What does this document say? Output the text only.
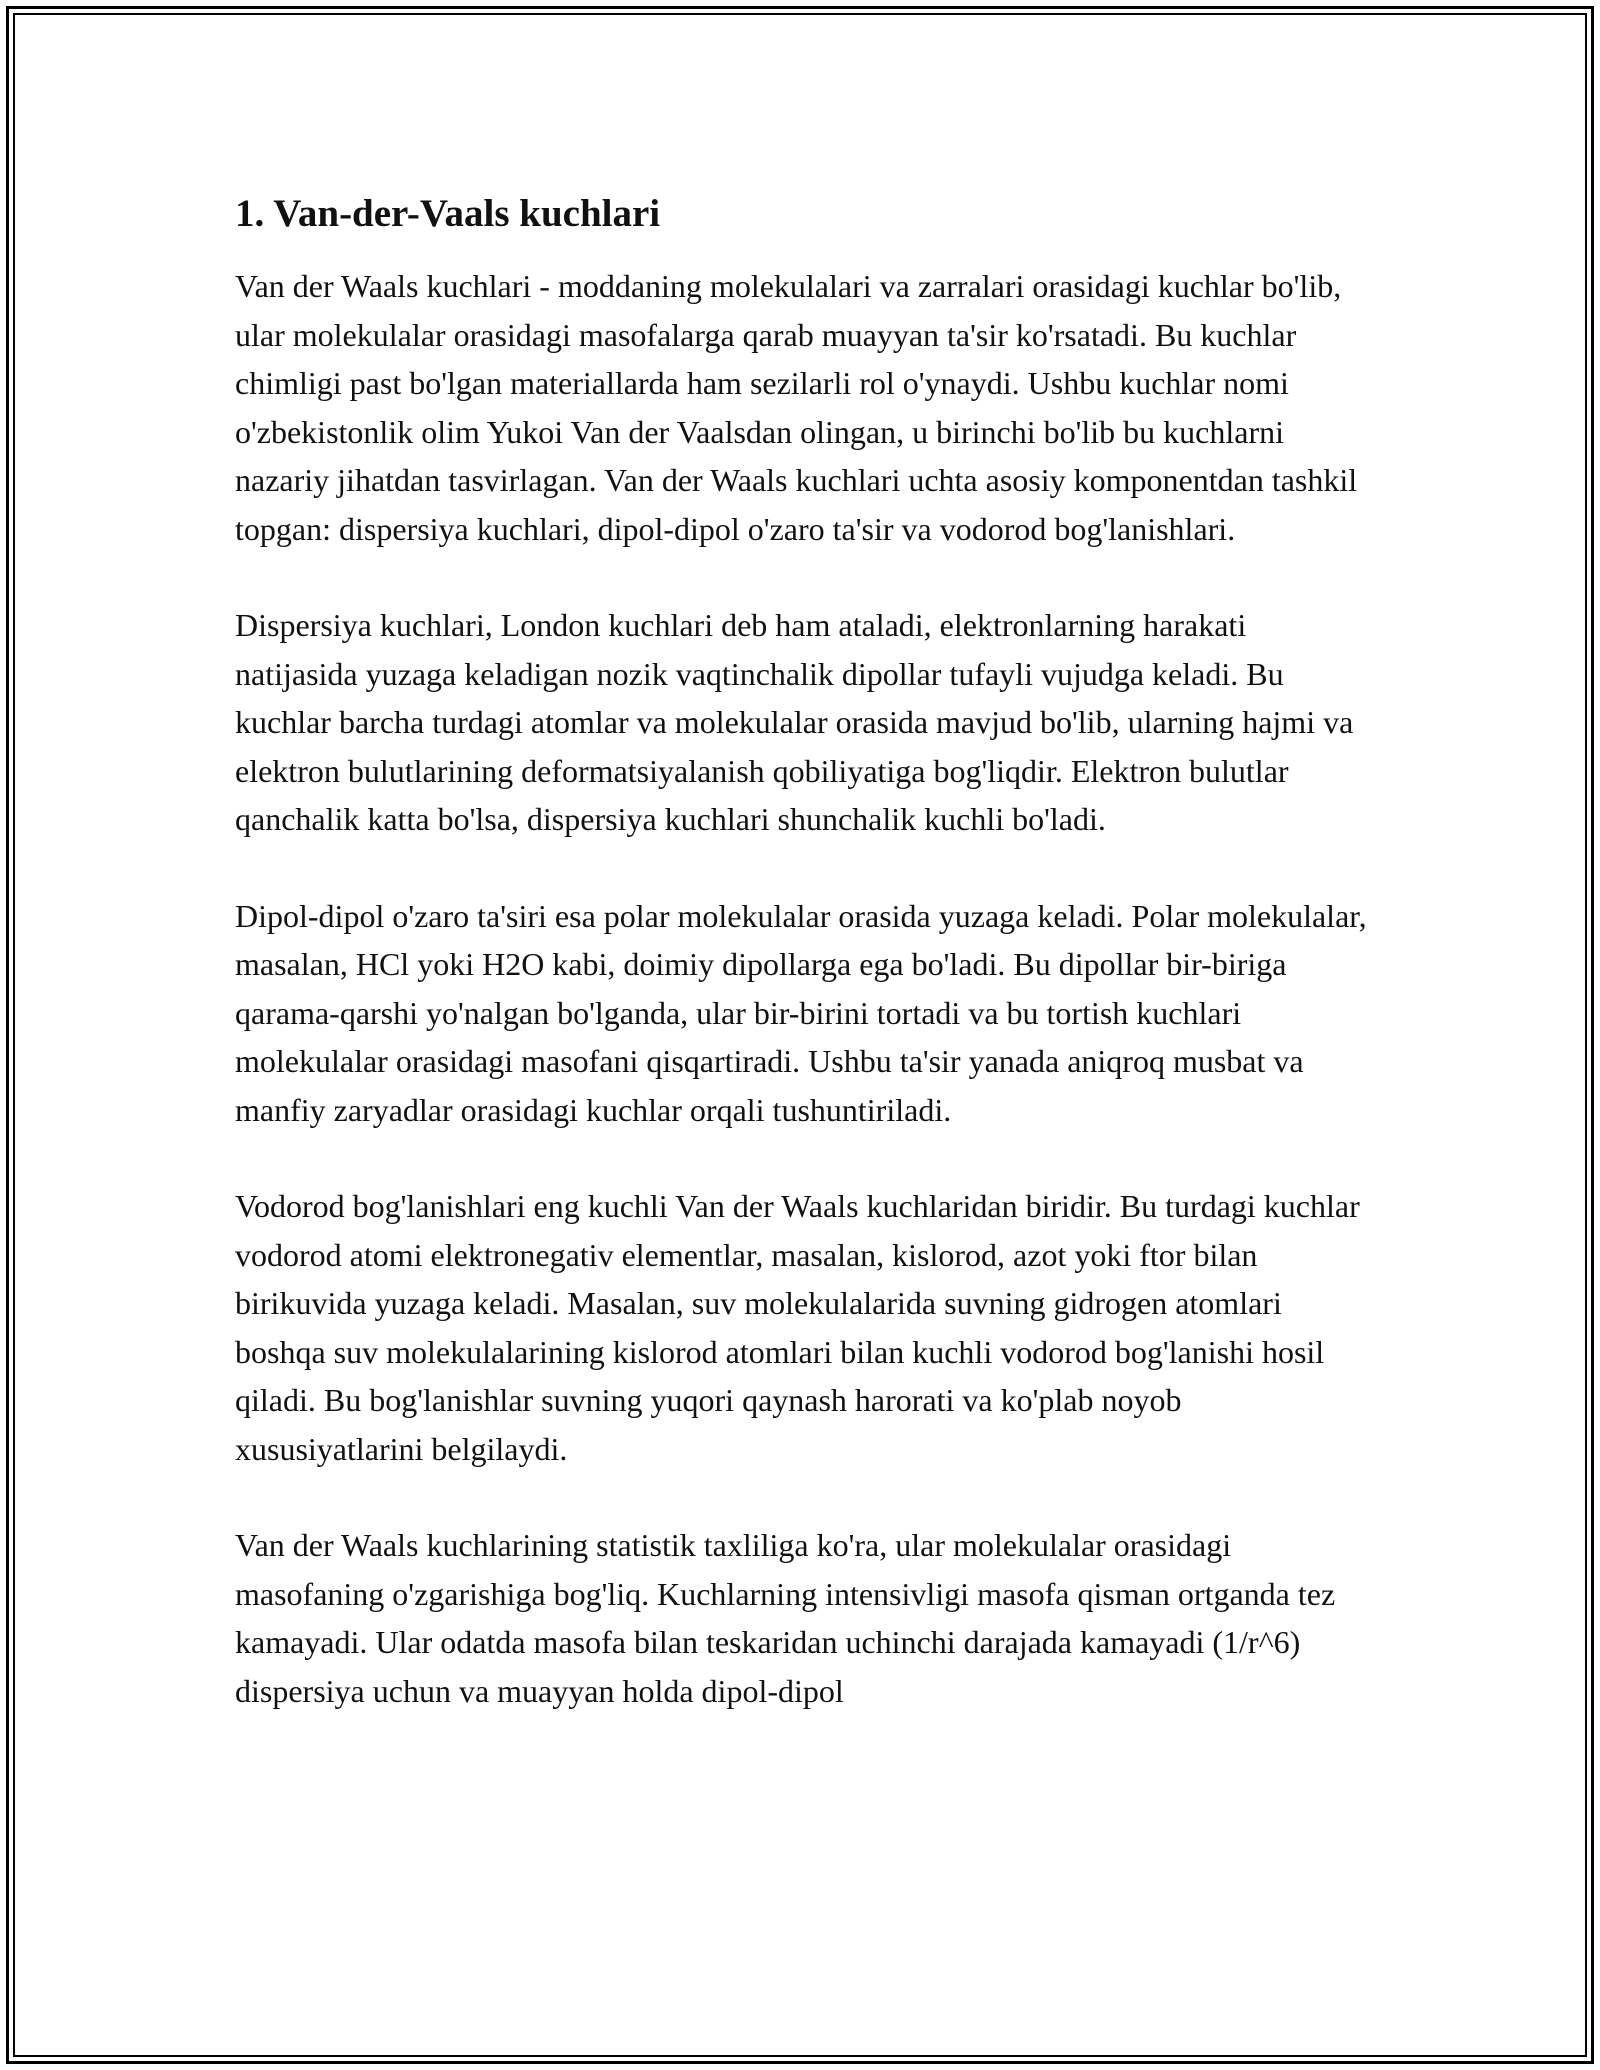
1. Van-der-Vaals kuchlari

Van der Waals kuchlari - moddaning molekulalari va zarralari orasidagi kuchlar bo'lib, ular molekulalar orasidagi masofalarga qarab muayyan ta'sir ko'rsatadi. Bu kuchlar chimligi past bo'lgan materiallarda ham sezilarli rol o'ynaydi. Ushbu kuchlar nomi o'zbekistonlik olim Yukoi Van der Vaalsdan olingan, u birinchi bo'lib bu kuchlarni nazariy jihatdan tasvirlagan. Van der Waals kuchlari uchta asosiy komponentdan tashkil topgan: dispersiya kuchlari, dipol-dipol o'zaro ta'sir va vodorod bog'lanishlari.

Dispersiya kuchlari, London kuchlari deb ham ataladi, elektronlarning harakati natijasida yuzaga keladigan nozik vaqtinchalik dipollar tufayli vujudga keladi. Bu kuchlar barcha turdagi atomlar va molekulalar orasida mavjud bo'lib, ularning hajmi va elektron bulutlarining deformatsiyalanish qobiliyatiga bog'liqdir. Elektron bulutlar qanchalik katta bo'lsa, dispersiya kuchlari shunchalik kuchli bo'ladi.

Dipol-dipol o'zaro ta'siri esa polar molekulalar orasida yuzaga keladi. Polar molekulalar, masalan, HCl yoki H2O kabi, doimiy dipollarga ega bo'ladi. Bu dipollar bir-biriga qarama-qarshi yo'nalgan bo'lganda, ular bir-birini tortadi va bu tortish kuchlari molekulalar orasidagi masofani qisqartiradi. Ushbu ta'sir yanada aniqroq musbat va manfiy zaryadlar orasidagi kuchlar orqali tushuntiriladi.

Vodorod bog'lanishlari eng kuchli Van der Waals kuchlaridan biridir. Bu turdagi kuchlar vodorod atomi elektronegativ elementlar, masalan, kislorod, azot yoki ftor bilan birikuvida yuzaga keladi. Masalan, suv molekulalarida suvning gidrogen atomlari boshqa suv molekulalarining kislorod atomlari bilan kuchli vodorod bog'lanishi hosil qiladi. Bu bog'lanishlar suvning yuqori qaynash harorati va ko'plab noyob xususiyatlarini belgilaydi.

Van der Waals kuchlarining statistik taxliliga ko'ra, ular molekulalar orasidagi masofaning o'zgarishiga bog'liq. Kuchlarning intensivligi masofa qisman ortganda tez kamayadi. Ular odatda masofa bilan teskaridan uchinchi darajada kamayadi (1/r^6) dispersiya uchun va muayyan holda dipol-dipol
